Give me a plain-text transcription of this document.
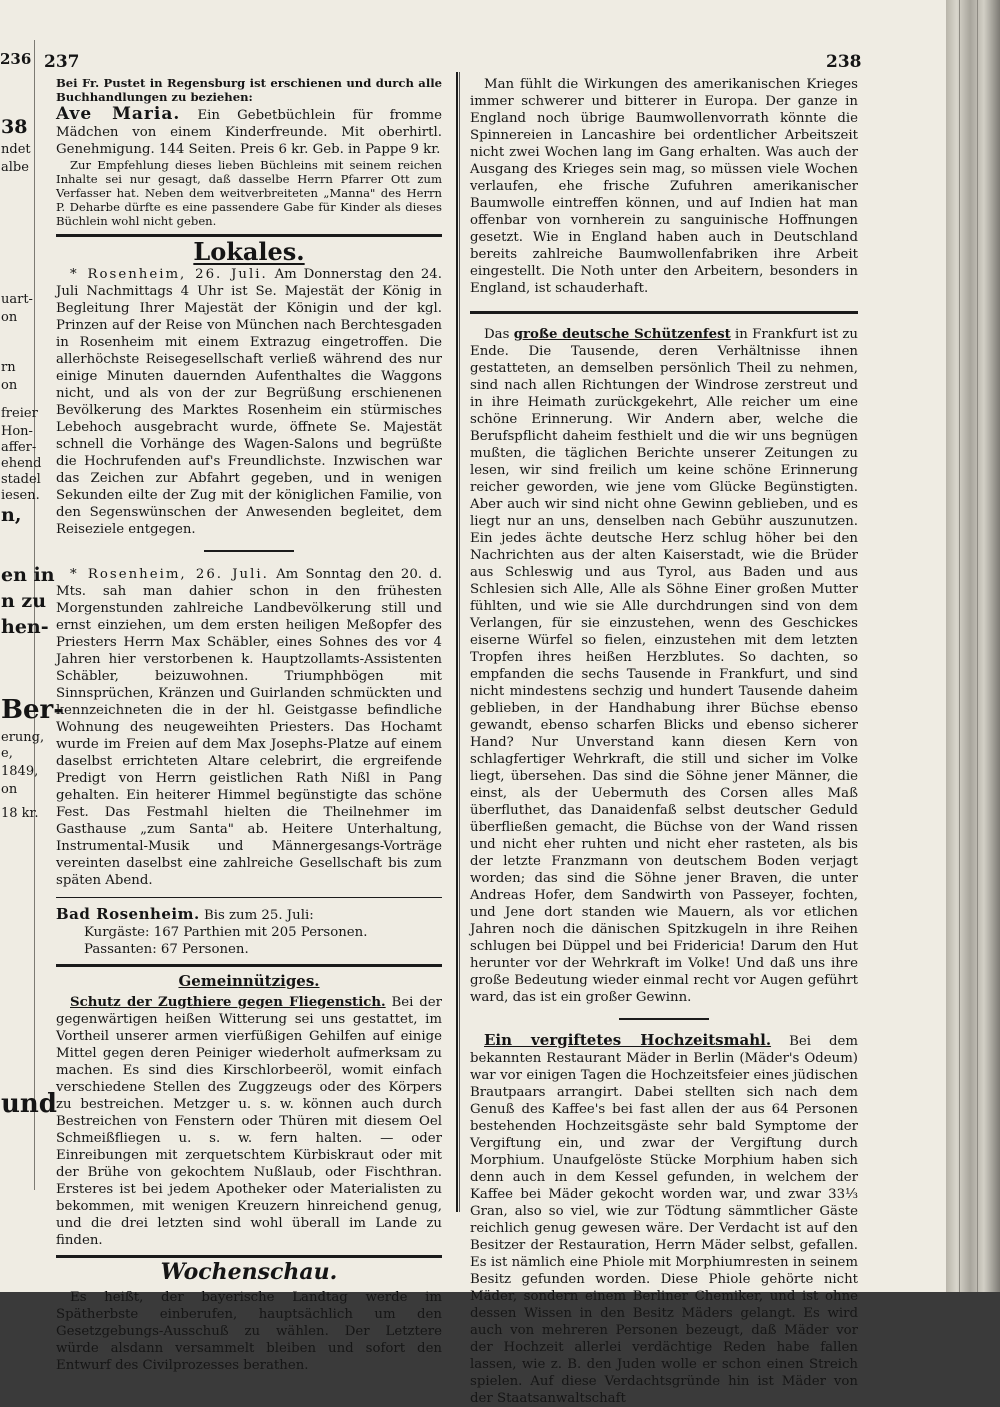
38
ndet
albe
uart-
on
rn
on
freier
Hon-
affer-
ehend
stadel
iesen.
n,
en in
n zu
hen-
Ber-
erung,
e,
1849,
on
18 kr.
und
236 237	238

Bei Fr. Pustet in Regensburg ist erschienen und durch alle Buchhandlungen zu beziehen:

Ave Maria. Ein Gebetbüchlein für fromme Mädchen von einem Kinderfreunde. Mit oberhirtl. Genehmigung. 144 Seiten. Preis 6 kr. Geb. in Pappe 9 kr.

Zur Empfehlung dieses lieben Büchleins mit seinem reichen Inhalte sei nur gesagt, daß dasselbe Herrn Pfarrer Ott zum Verfasser hat. Neben dem weitverbreiteten „Manna" des Herrn P. Deharbe dürfte es eine passendere Gabe für Kinder als dieses Büchlein wohl nicht geben.

Lokales.

* Rosenheim, 26. Juli. Am Donnerstag den 24. Juli Nachmittags 4 Uhr ist Se. Majestät der König in Begleitung Ihrer Majestät der Königin und der kgl. Prinzen auf der Reise von München nach Berchtesgaden in Rosenheim mit einem Extrazug eingetroffen. Die allerhöchste Reisegesellschaft verließ während des nur einige Minuten dauernden Aufenthaltes die Waggons nicht, und als von der zur Begrüßung erschienenen Bevölkerung des Marktes Rosenheim ein stürmisches Lebehoch ausgebracht wurde, öffnete Se. Majestät schnell die Vorhänge des Wagen-Salons und begrüßte die Hochrufenden auf's Freundlichste. Inzwischen war das Zeichen zur Abfahrt gegeben, und in wenigen Sekunden eilte der Zug mit der königlichen Familie, von den Segenswünschen der Anwesenden begleitet, dem Reiseziele entgegen.

* Rosenheim, 26. Juli. Am Sonntag den 20. d. Mts. sah man dahier schon in den frühesten Morgenstunden zahlreiche Landbevölkerung still und ernst einziehen, um dem ersten heiligen Meßopfer des Priesters Herrn Max Schäbler, eines Sohnes des vor 4 Jahren hier verstorbenen k. Hauptzollamts-Assistenten Schäbler, beizuwohnen. Triumphbögen mit Sinnsprüchen, Kränzen und Guirlanden schmückten und kennzeichneten die in der hl. Geistgasse befindliche Wohnung des neugeweihten Priesters. Das Hochamt wurde im Freien auf dem Max Josephs-Platze auf einem daselbst errichteten Altare celebrirt, die ergreifende Predigt von Herrn geistlichen Rath Nißl in Pang gehalten. Ein heiterer Himmel begünstigte das schöne Fest. Das Festmahl hielten die Theilnehmer im Gasthause „zum Santa" ab. Heitere Unterhaltung, Instrumental-Musik und Männergesangs-Vorträge vereinten daselbst eine zahlreiche Gesellschaft bis zum späten Abend.

Bad Rosenheim. Bis zum 25. Juli:

Kurgäste: 167 Parthien mit 205 Personen.

Passanten: 67 Personen.

Gemeinnütziges.

Schutz der Zugthiere gegen Fliegenstich. Bei der gegenwärtigen heißen Witterung sei uns gestattet, im Vortheil unserer armen vierfüßigen Gehilfen auf einige Mittel gegen deren Peiniger wiederholt aufmerksam zu machen. Es sind dies Kirschlorbeeröl, womit einfach verschiedene Stellen des Zuggzeugs oder des Körpers zu bestreichen. Metzger u. s. w. können auch durch Bestreichen von Fenstern oder Thüren mit diesem Oel Schmeißfliegen u. s. w. fern halten. — oder Einreibungen mit zerquetschtem Kürbiskraut oder mit der Brühe von gekochtem Nußlaub, oder Fischthran. Ersteres ist bei jedem Apotheker oder Materialisten zu bekommen, mit wenigen Kreuzern hinreichend genug, und die drei letzten sind wohl überall im Lande zu finden.

Wochenschau.

Es heißt, der bayerische Landtag werde im Spätherbste einberufen, hauptsächlich um den Gesetzgebungs-Ausschuß zu wählen. Der Letztere würde alsdann versammelt bleiben und sofort den Entwurf des Civilprozesses berathen.

Man fühlt die Wirkungen des amerikanischen Krieges immer schwerer und bitterer in Europa. Der ganze in England noch übrige Baumwollenvorrath könnte die Spinnereien in Lancashire bei ordentlicher Arbeitszeit nicht zwei Wochen lang im Gang erhalten. Was auch der Ausgang des Krieges sein mag, so müssen viele Wochen verlaufen, ehe frische Zufuhren amerikanischer Baumwolle eintreffen können, und auf Indien hat man offenbar von vornherein zu sanguinische Hoffnungen gesetzt. Wie in England haben auch in Deutschland bereits zahlreiche Baumwollenfabriken ihre Arbeit eingestellt. Die Noth unter den Arbeitern, besonders in England, ist schauderhaft.

Das große deutsche Schützenfest in Frankfurt ist zu Ende. Die Tausende, deren Verhältnisse ihnen gestatteten, an demselben persönlich Theil zu nehmen, sind nach allen Richtungen der Windrose zerstreut und in ihre Heimath zurückgekehrt, Alle reicher um eine schöne Erinnerung. Wir Andern aber, welche die Berufspflicht daheim festhielt und die wir uns begnügen mußten, die täglichen Berichte unserer Zeitungen zu lesen, wir sind freilich um keine schöne Erinnerung reicher geworden, wie jene vom Glücke Begünstigten. Aber auch wir sind nicht ohne Gewinn geblieben, und es liegt nur an uns, denselben nach Gebühr auszunutzen. Ein jedes ächte deutsche Herz schlug höher bei den Nachrichten aus der alten Kaiserstadt, wie die Brüder aus Schleswig und aus Tyrol, aus Baden und aus Schlesien sich Alle, Alle als Söhne Einer großen Mutter fühlten, und wie sie Alle durchdrungen sind von dem Verlangen, für sie einzustehen, wenn des Geschickes eiserne Würfel so fielen, einzustehen mit dem letzten Tropfen ihres heißen Herzblutes. So dachten, so empfanden die sechs Tausende in Frankfurt, und sind nicht mindestens sechzig und hundert Tausende daheim geblieben, in der Handhabung ihrer Büchse ebenso gewandt, ebenso scharfen Blicks und ebenso sicherer Hand? Nur Unverstand kann diesen Kern von schlagfertiger Wehrkraft, die still und sicher im Volke liegt, übersehen. Das sind die Söhne jener Männer, die einst, als der Uebermuth des Corsen alles Maß überfluthet, das Danaidenfaß selbst deutscher Geduld überfließen gemacht, die Büchse von der Wand rissen und nicht eher ruhten und nicht eher rasteten, als bis der letzte Franzmann von deutschem Boden verjagt worden; das sind die Söhne jener Braven, die unter Andreas Hofer, dem Sandwirth von Passeyer, fochten, und Jene dort standen wie Mauern, als vor etlichen Jahren noch die dänischen Spitzkugeln in ihre Reihen schlugen bei Düppel und bei Fridericia! Darum den Hut herunter vor der Wehrkraft im Volke! Und daß uns ihre große Bedeutung wieder einmal recht vor Augen geführt ward, das ist ein großer Gewinn.

Ein vergiftetes Hochzeitsmahl. Bei dem bekannten Restaurant Mäder in Berlin (Mäder's Odeum) war vor einigen Tagen die Hochzeitsfeier eines jüdischen Brautpaars arrangirt. Dabei stellten sich nach dem Genuß des Kaffee's bei fast allen der aus 64 Personen bestehenden Hochzeitsgäste sehr bald Symptome der Vergiftung ein, und zwar der Vergiftung durch Morphium. Unaufgelöste Stücke Morphium haben sich denn auch in dem Kessel gefunden, in welchem der Kaffee bei Mäder gekocht worden war, und zwar 33⅓ Gran, also so viel, wie zur Tödtung sämmtlicher Gäste reichlich genug gewesen wäre. Der Verdacht ist auf den Besitzer der Restauration, Herrn Mäder selbst, gefallen. Es ist nämlich eine Phiole mit Morphiumresten in seinem Besitz gefunden worden. Diese Phiole gehörte nicht Mäder, sondern einem Berliner Chemiker, und ist ohne dessen Wissen in den Besitz Mäders gelangt. Es wird auch von mehreren Personen bezeugt, daß Mäder vor der Hochzeit allerlei verdächtige Reden habe fallen lassen, wie z. B. den Juden wolle er schon einen Streich spielen. Auf diese Verdachtsgründe hin ist Mäder von der Staatsanwaltschaft
